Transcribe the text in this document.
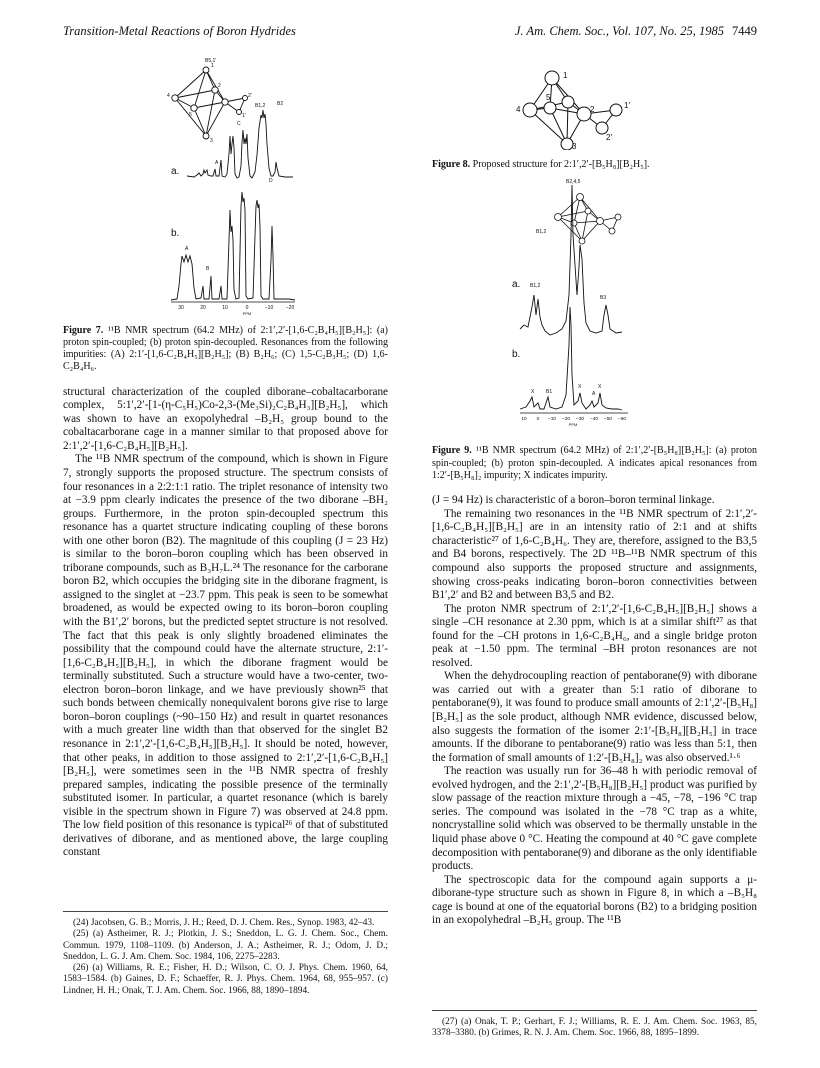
Transition-Metal Reactions of Boron Hydrides	J. Am. Chem. Soc., Vol. 107, No. 25, 1985 7449
B5,1'
1
2
3
4
5
2'
1'
a.
A
C
B1,2 B2
D
b.
A
B
30	20	10	0	−10	−20
PPM
Figure 7. ¹¹B NMR spectrum (64.2 MHz) of 2:1′,2′-[1,6-C₂B₄H₅][B₂H₅]: (a) proton spin-coupled; (b) proton spin-decoupled. Resonances from the following impurities: (A) 2:1′-[1,6-C₂B₄H₅][B₂H₅]; (B) B₂H₆; (C) 1,5-C₂B₃H₅; (D) 1,6-C₂B₄H₆.

structural characterization of the coupled diborane–cobaltacarborane complex, 5:1′,2′-[1-(η-C₅H₅)Co-2,3-(Me₃Si)₂C₂B₄H₃][B₂H₅], which was shown to have an exopolyhedral –B₂H₅ group bound to the cobaltacarborane cage in a manner similar to that proposed above for 2:1′,2′-[1,6-C₂B₄H₅][B₂H₅].

The ¹¹B NMR spectrum of the compound, which is shown in Figure 7, strongly supports the proposed structure. The spectrum consists of four resonances in a 2:2:1:1 ratio. The triplet resonance of intensity two at −3.9 ppm clearly indicates the presence of the two diborane –BH₂ groups. Furthermore, in the proton spin-decoupled spectrum this resonance has a quartet structure indicating coupling of these borons with one other boron (B2). The magnitude of this coupling (J = 23 Hz) is similar to the boron–boron coupling which has been observed in triborane compounds, such as B₃H₇L.²⁴ The resonance for the carborane boron B2, which occupies the bridging site in the diborane fragment, is assigned to the singlet at −23.7 ppm. This peak is seen to be somewhat broadened, as would be expected owing to its boron–boron coupling with the B1′,2′ borons, but the predicted septet structure is not resolved. The fact that this peak is only slightly broadened eliminates the possibility that the compound could have the alternate structure, 2:1′-[1,6-C₂B₄H₅][B₂H₅], in which the diborane fragment would be terminally substituted. Such a structure would have a two-center, two-electron boron–boron linkage, and we have previously shown²⁵ that such bonds between chemically nonequivalent borons give rise to large boron–boron couplings (~90–150 Hz) and result in quartet resonances with a much greater line width than that observed for the singlet B2 resonance in 2:1′,2′-[1,6-C₂B₄H₅][B₂H₅]. It should be noted, however, that other peaks, in addition to those assigned to 2:1′,2′-[1,6-C₂B₄H₅][B₂H₅], were sometimes seen in the ¹¹B NMR spectra of freshly prepared samples, indicating the possible presence of the terminally substituted isomer. In particular, a quartet resonance (which is barely visible in the spectrum shown in Figure 7) was observed at 24.8 ppm. The low field position of this resonance is typical²⁶ of that of substituted derivatives of diborane, and as mentioned above, the large coupling constant

(24) Jacobsen, G. B.; Morris, J. H.; Reed, D. J. Chem. Res., Synop. 1983, 42–43.

(25) (a) Astheimer, R. J.; Plotkin, J. S.; Sneddon, L. G. J. Chem. Soc., Chem. Commun. 1979, 1108–1109. (b) Anderson, J. A.; Astheimer, R. J.; Odom, J. D.; Sneddon, L. G. J. Am. Chem. Soc. 1984, 106, 2275–2283.

(26) (a) Williams, R. E.; Fisher, H. D.; Wilson, C. O. J. Phys. Chem. 1960, 64, 1583–1584. (b) Gaines, D. F.; Schaeffer, R. J. Phys. Chem. 1964, 68, 955–957. (c) Lindner, H. H.; Onak, T. J. Am. Chem. Soc. 1966, 88, 1890–1894.

1
1′
2
2′
3
4
5
Figure 8. Proposed structure for 2:1′,2′-[B₅H₈][B₂H₅].
a.
B2,4,5
B1,2
B1,2
B3
b.
X B1
X
A
X
10 0 −10 −20 −30 −40 −50 −60
PPM
Figure 9. ¹¹B NMR spectrum (64.2 MHz) of 2:1′,2′-[B₅H₈][B₂H₅]: (a) proton spin-coupled; (b) proton spin-decoupled. A indicates apical resonances from 1:2′-[B₅H₈]₂ impurity; X indicates impurity.

(J = 94 Hz) is characteristic of a boron–boron terminal linkage.

The remaining two resonances in the ¹¹B NMR spectrum of 2:1′,2′-[1,6-C₂B₄H₅][B₂H₅] are in an intensity ratio of 2:1 and at shifts characteristic²⁷ of 1,6-C₂B₄H₆. They are, therefore, assigned to the B3,5 and B4 borons, respectively. The 2D ¹¹B–¹¹B NMR spectrum of this compound also supports the proposed structure and assignments, showing cross-peaks indicating boron–boron connectivities between B1′,2′ and B2 and between B3,5 and B2.

The proton NMR spectrum of 2:1′,2′-[1,6-C₂B₄H₅][B₂H₅] shows a single –CH resonance at 2.30 ppm, which is at a similar shift²⁷ as that found for the –CH protons in 1,6-C₂B₄H₆, and a single bridge proton peak at −1.50 ppm. The terminal –BH proton resonances are not resolved.

When the dehydrocoupling reaction of pentaborane(9) with diborane was carried out with a greater than 5:1 ratio of diborane to pentaborane(9), it was found to produce small amounts of 2:1′,2′-[B₅H₈][B₂H₅] as the sole product, although NMR evidence, discussed below, also suggests the formation of the isomer 2:1′-[B₅H₈][B₂H₅] in trace amounts. If the diborane to pentaborane(9) ratio was less than 5:1, then the formation of small amounts of 1:2′-[B₅H₈]₂ was also observed.¹·⁶

The reaction was usually run for 36–48 h with periodic removal of evolved hydrogen, and the 2:1′,2′-[B₅H₈][B₂H₅] product was purified by slow passage of the reaction mixture through a −45, −78, −196 °C trap series. The compound was isolated in the −78 °C trap as a white, noncrystalline solid which was observed to be thermally unstable in the liquid phase above 0 °C. Heating the compound at 40 °C gave complete decomposition with pentaborane(9) and diborane as the only identifiable products.

The spectroscopic data for the compound again supports a μ-diborane-type structure such as shown in Figure 8, in which a –B₅H₈ cage is bound at one of the equatorial borons (B2) to a bridging position in an exopolyhedral –B₂H₅ group. The ¹¹B

(27) (a) Onak, T. P.; Gerhart, F. J.; Williams, R. E. J. Am. Chem. Soc. 1963, 85, 3378–3380. (b) Grimes, R. N. J. Am. Chem. Soc. 1966, 88, 1895–1899.
